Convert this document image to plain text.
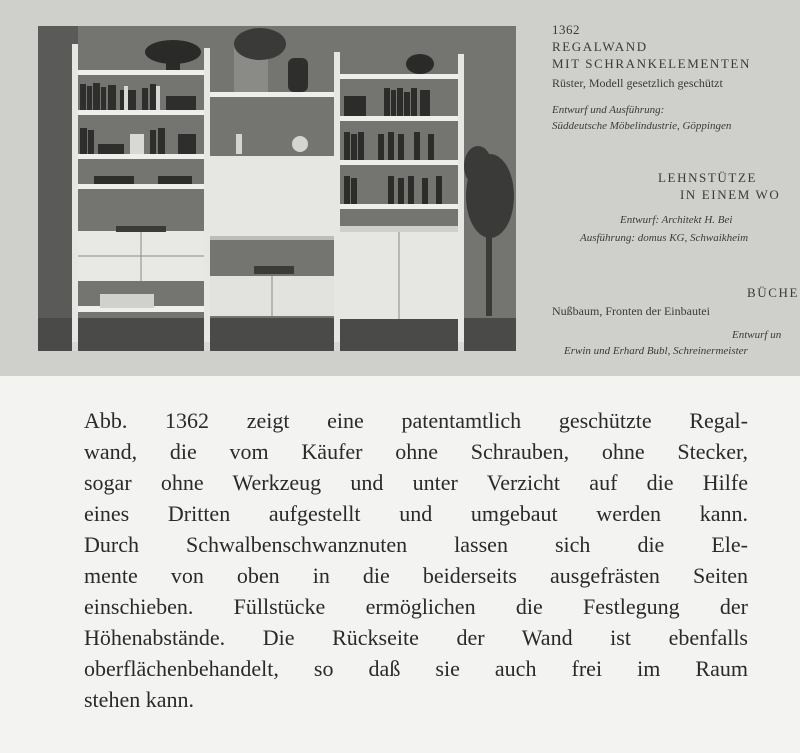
1362
REGALWAND
MIT SCHRANKELEMENTEN
Rüster, Modell gesetzlich geschützt
Entwurf und Ausführung:
Süddeutsche Möbelindustrie, Göppingen
LEHNSTÜTZE
IN EINEM WO
Entwurf: Architekt H. Bei
Ausführung: domus KG, Schwaikheim
BÜCHE
Nußbaum, Fronten der Einbautei
Entwurf un
Erwin und Erhard Bubl, Schreinermeister
Abb. 1362 zeigt eine patentamtlich geschützte Regal-
wand, die vom Käufer ohne Schrauben, ohne Stecker,
sogar ohne Werkzeug und unter Verzicht auf die Hilfe
eines Dritten aufgestellt und umgebaut werden kann.
Durch Schwalbenschwanznuten lassen sich die Ele-
mente von oben in die beiderseits ausgefrästen Seiten
einschieben. Füllstücke ermöglichen die Festlegung der
Höhenabstände. Die Rückseite der Wand ist ebenfalls
oberflächenbehandelt, so daß sie auch frei im Raum
stehen kann.
